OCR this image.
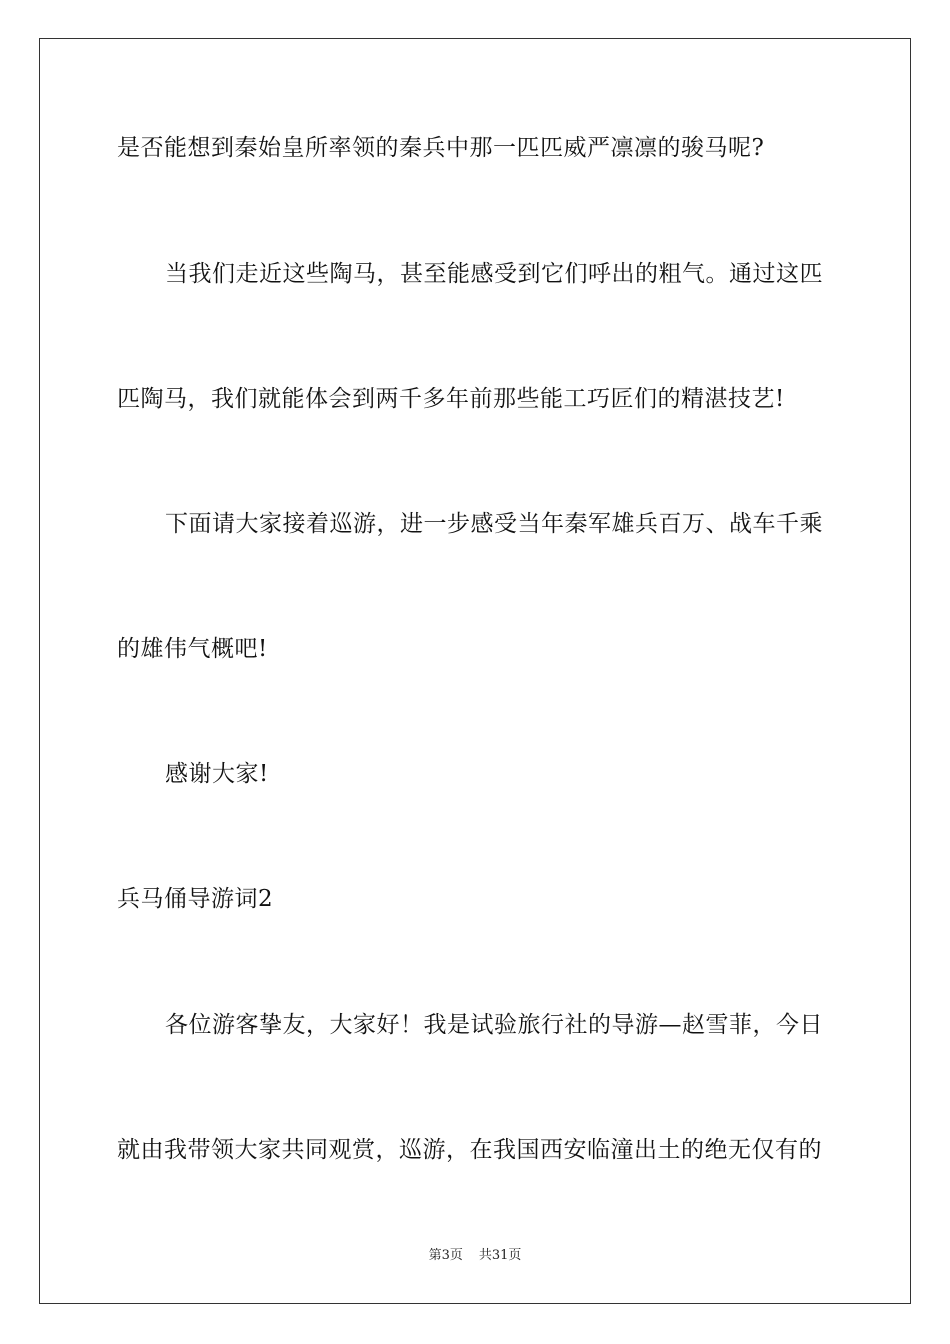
是否能想到秦始皇所率领的秦兵中那一匹匹威严凛凛的骏马呢?
当我们走近这些陶马，甚至能感受到它们呼出的粗气。通过这匹
匹陶马，我们就能体会到两千多年前那些能工巧匠们的精湛技艺!
下面请大家接着巡游，进一步感受当年秦军雄兵百万、战车千乘
的雄伟气概吧!
感谢大家!
兵马俑导游词2
各位游客挚友，大家好！我是试验旅行社的导游—赵雪菲，今日
就由我带领大家共同观赏，巡游，在我国西安临潼出土的绝无仅有的
第3页 共31页
